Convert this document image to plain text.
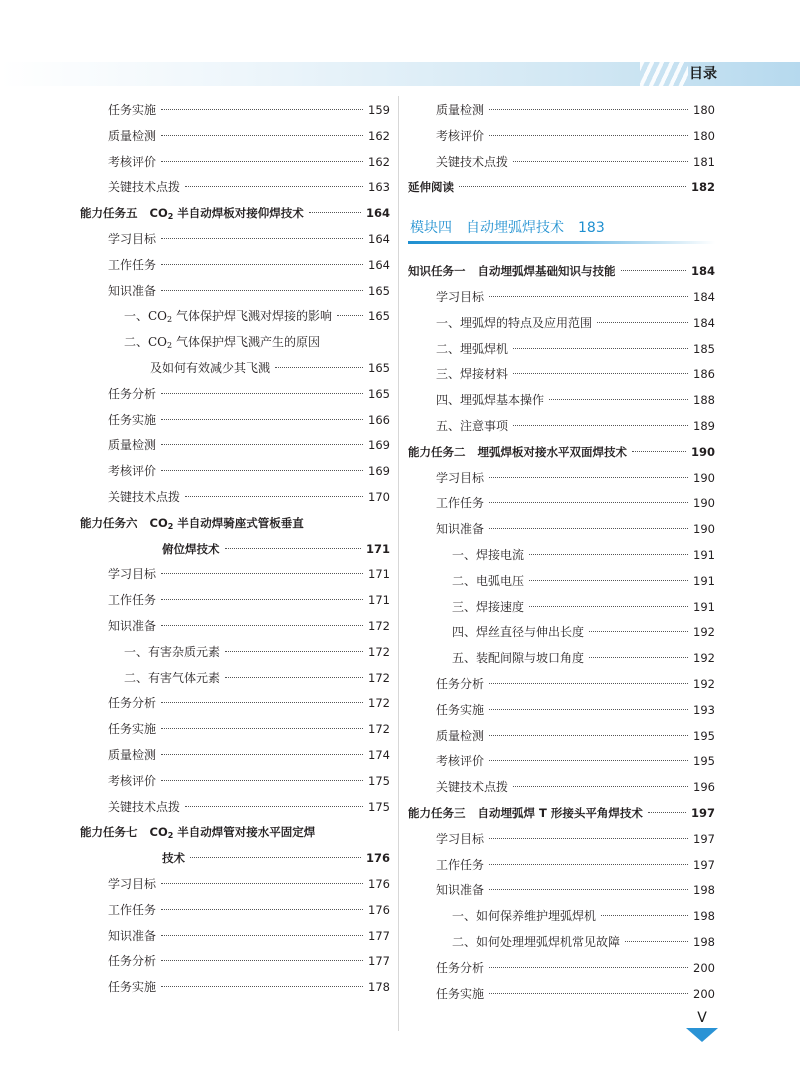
目录
任务实施	159
质量检测	162
考核评价	162
关键技术点拨	163
能力任务五 $CO_2$ 半自动焊板对接仰焊技术	164
学习目标	164
工作任务	164
知识准备	165
一、$CO_2$ 气体保护焊飞溅对焊接的影响	165
二、$CO_2$ 气体保护焊飞溅产生的原因
及如何有效减少其飞溅	165
任务分析	165
任务实施	166
质量检测	169
考核评价	169
关键技术点拨	170
能力任务六 $CO_2$ 半自动焊骑座式管板垂直
俯位焊技术	171
学习目标	171
工作任务	171
知识准备	172
一、有害杂质元素	172
二、有害气体元素	172
任务分析	172
任务实施	172
质量检测	174
考核评价	175
关键技术点拨	175
能力任务七 $CO_2$ 半自动焊管对接水平固定焊
技术	176
学习目标	176
工作任务	176
知识准备	177
任务分析	177
任务实施	178
质量检测	180
考核评价	180
关键技术点拨	181
延伸阅读	182
模块四 自动埋弧焊技术 183
知识任务一 自动埋弧焊基础知识与技能	184
学习目标	184
一、埋弧焊的特点及应用范围	184
二、埋弧焊机	185
三、焊接材料	186
四、埋弧焊基本操作	188
五、注意事项	189
能力任务二 埋弧焊板对接水平双面焊技术	190
学习目标	190
工作任务	190
知识准备	190
一、焊接电流	191
二、电弧电压	191
三、焊接速度	191
四、焊丝直径与伸出长度	192
五、装配间隙与坡口角度	192
任务分析	192
任务实施	193
质量检测	195
考核评价	195
关键技术点拨	196
能力任务三 自动埋弧焊 T 形接头平角焊技术	197
学习目标	197
工作任务	197
知识准备	198
一、如何保养维护埋弧焊机	198
二、如何处理埋弧焊机常见故障	198
任务分析	200
任务实施	200
V
